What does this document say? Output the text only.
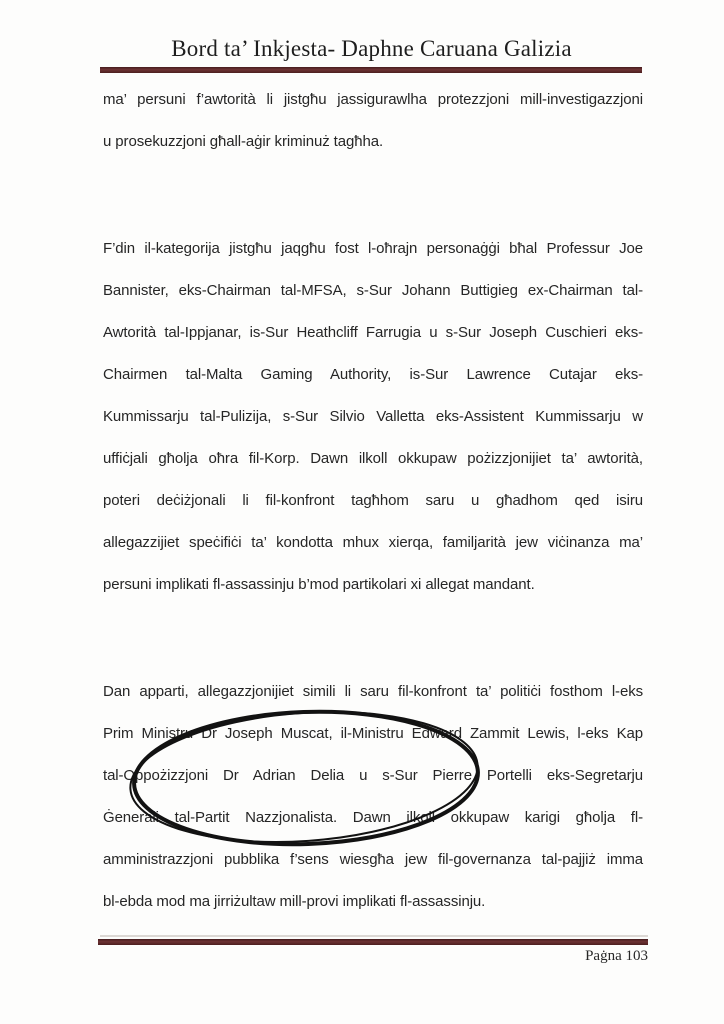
Bord ta’ Inkjesta- Daphne Caruana Galizia
ma’ persuni f’awtorità li jistgħu jassigurawlha protezzjoni mill-investigazzjoni
u prosekuzzjoni għall-aġir kriminuż tagħha.
F’din il-kategorija jistgħu jaqgħu fost l-oħrajn personaġġi bħal Professur Joe
Bannister, eks-Chairman tal-MFSA, s-Sur Johann Buttigieg ex-Chairman tal-
Awtorità tal-Ippjanar, is-Sur Heathcliff Farrugia u s-Sur Joseph Cuschieri eks-
Chairmen tal-Malta Gaming Authority, is-Sur Lawrence Cutajar eks-
Kummissarju tal-Pulizija, s-Sur Silvio Valletta eks-Assistent Kummissarju w
uffiċjali għolja oħra fil-Korp. Dawn ilkoll okkupaw pożizzjonijiet ta’ awtorità,
poteri deċiżjonali li fil-konfront tagħhom saru u għadhom qed isiru
allegazzijiet speċifiċi ta’ kondotta mhux xierqa, familjarità jew viċinanza ma’
persuni implikati fl-assassinju b’mod partikolari xi allegat mandant.
Dan apparti, allegazzjonijiet simili li saru fil-konfront ta’ politiċi fosthom l-eks
Prim Ministru Dr Joseph Muscat, il-Ministru Edward Zammit Lewis, l-eks Kap
tal-Oppożizzjoni Dr Adrian Delia u s-Sur Pierre Portelli eks-Segretarju
Ġenerali tal-Partit Nazzjonalista. Dawn ilkoll okkupaw karigi għolja fl-
amministrazzjoni pubblika f’sens wiesgħa jew fil-governanza tal-pajjiż imma
bl-ebda mod ma jirriżultaw mill-provi implikati fl-assassinju.
Paġna 103
